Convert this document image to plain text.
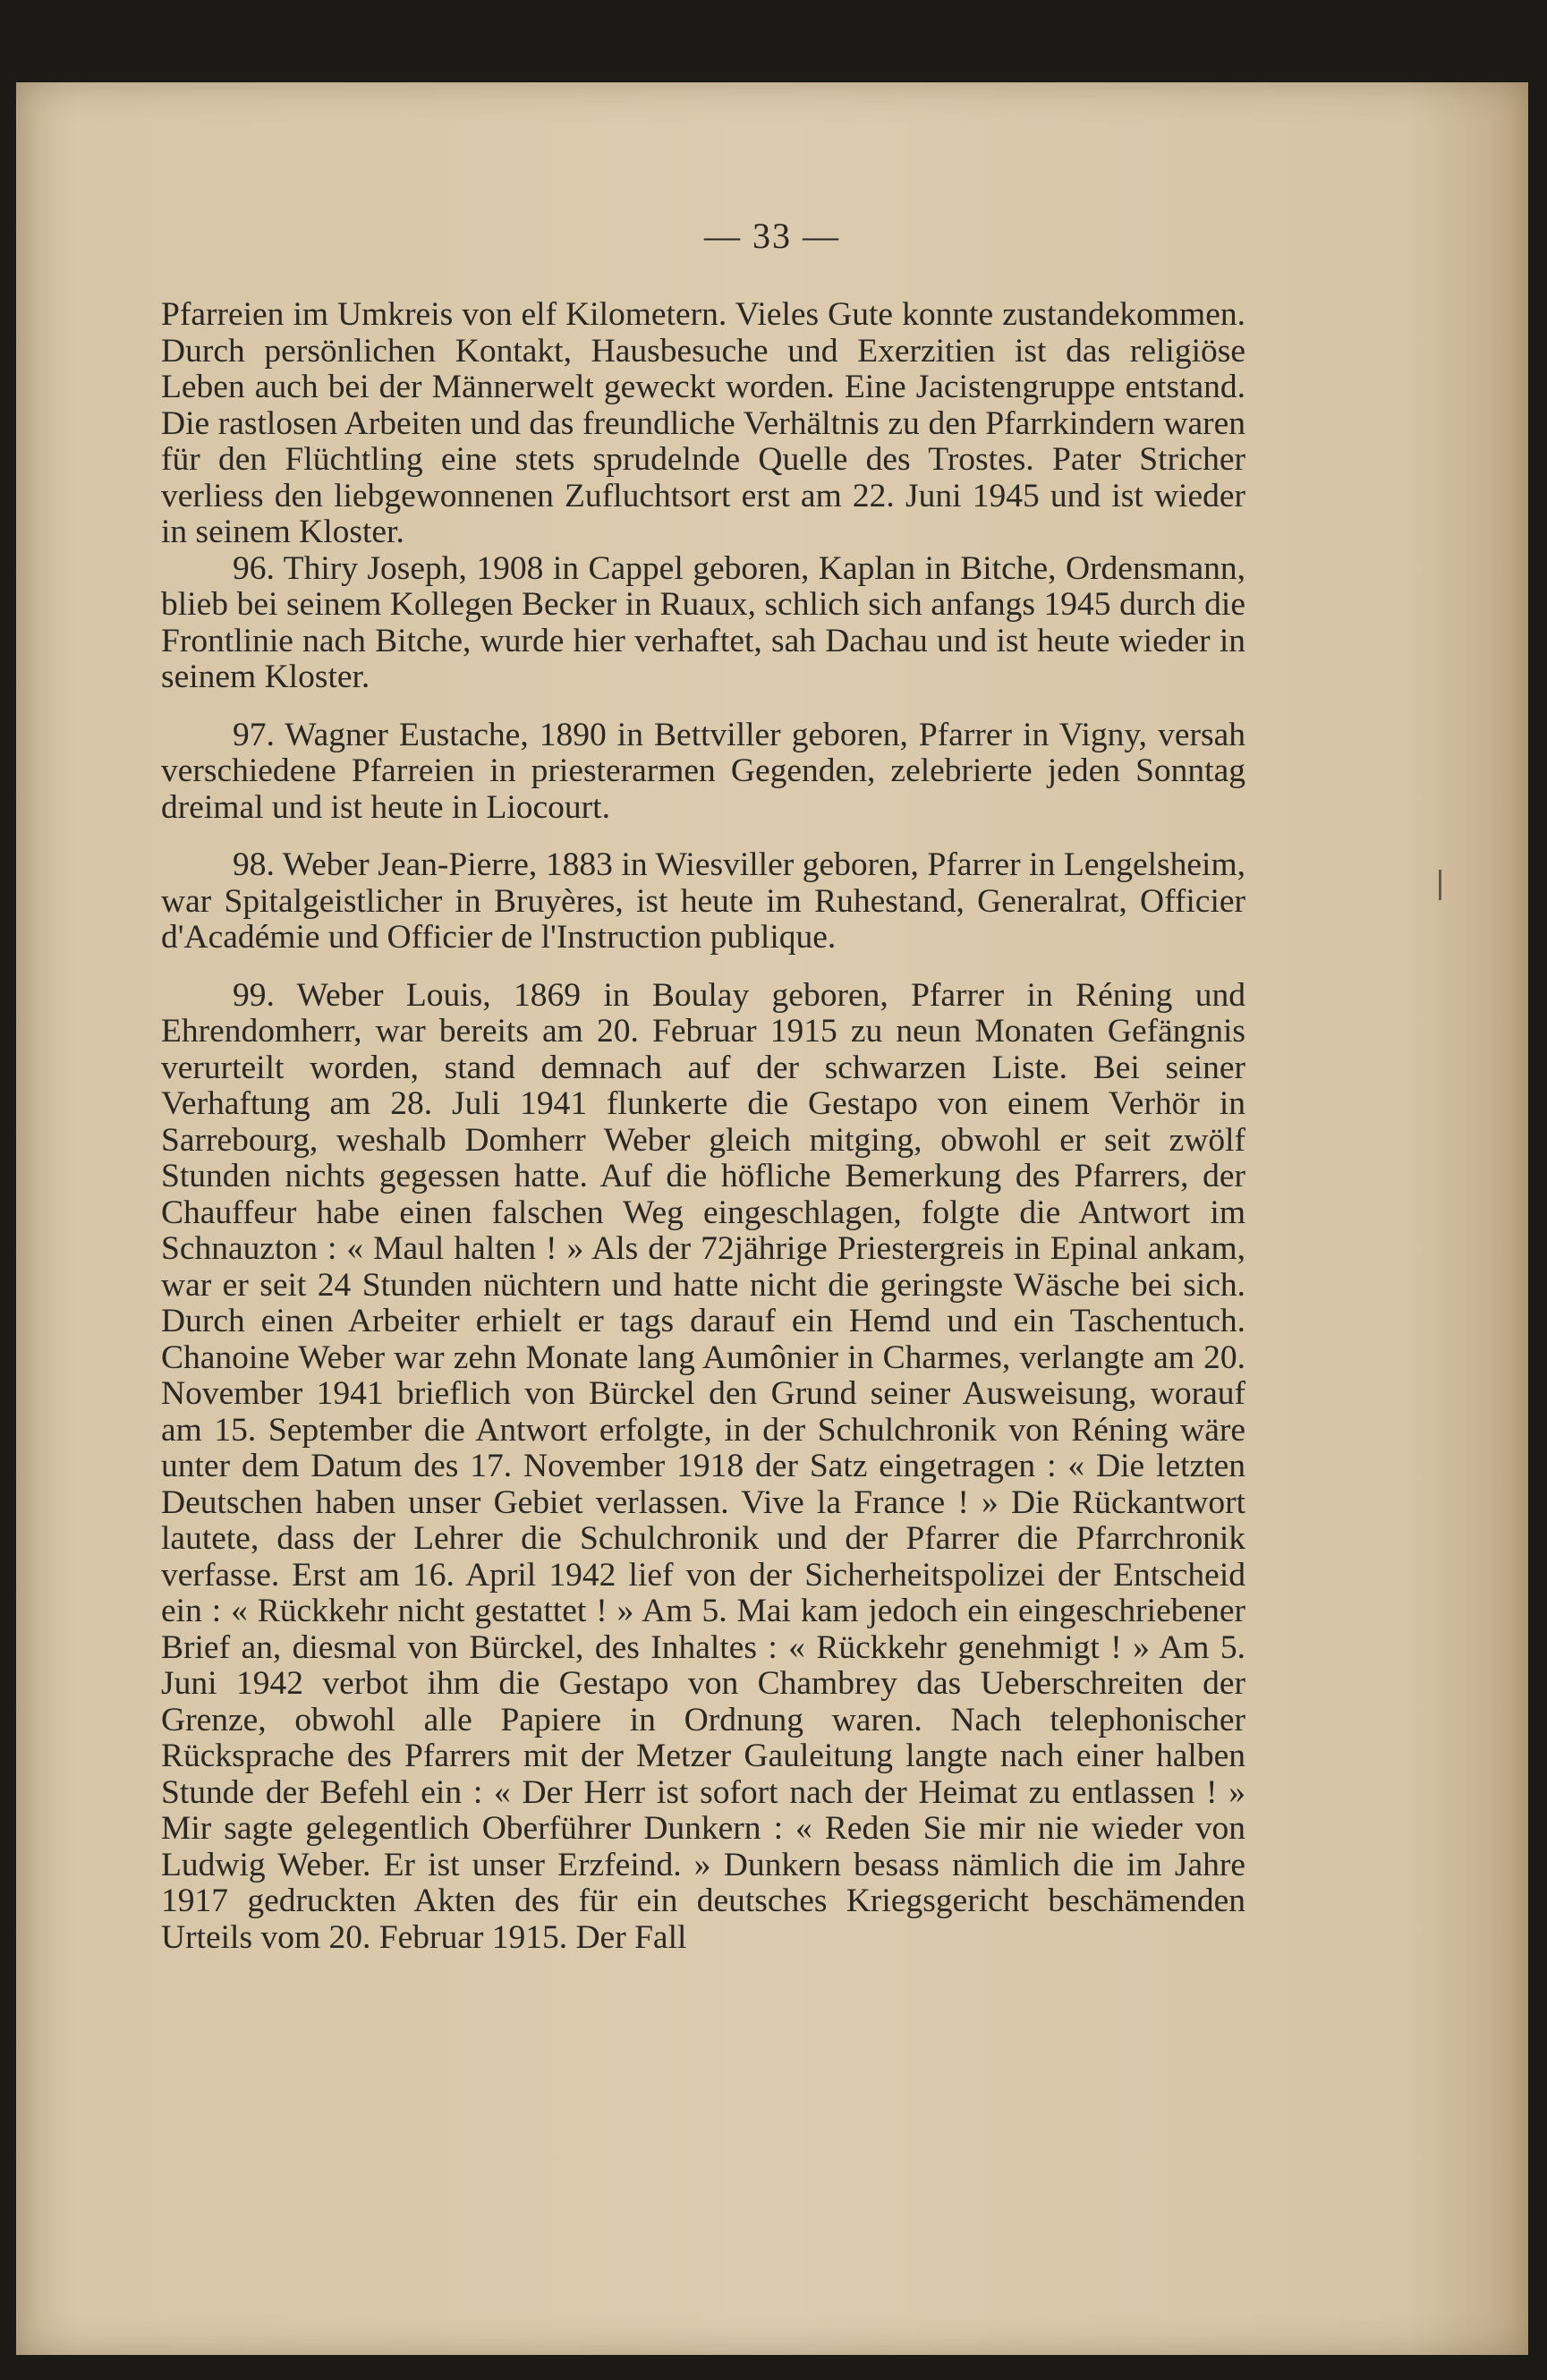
— 33 —

Pfarreien im Umkreis von elf Kilometern. Vieles Gute konnte zustandekommen. Durch persönlichen Kontakt, Hausbesuche und Exerzitien ist das religiöse Leben auch bei der Männerwelt geweckt worden. Eine Jacistengruppe entstand. Die rastlosen Arbeiten und das freundliche Verhältnis zu den Pfarrkindern waren für den Flüchtling eine stets sprudelnde Quelle des Trostes. Pater Stricher verliess den liebgewonnenen Zufluchtsort erst am 22. Juni 1945 und ist wieder in seinem Kloster.

96. Thiry Joseph, 1908 in Cappel geboren, Kaplan in Bitche, Ordensmann, blieb bei seinem Kollegen Becker in Ruaux, schlich sich anfangs 1945 durch die Frontlinie nach Bitche, wurde hier verhaftet, sah Dachau und ist heute wieder in seinem Kloster.

97. Wagner Eustache, 1890 in Bettviller geboren, Pfarrer in Vigny, versah verschiedene Pfarreien in priesterarmen Gegenden, zelebrierte jeden Sonntag dreimal und ist heute in Liocourt.

98. Weber Jean-Pierre, 1883 in Wiesviller geboren, Pfarrer in Lengelsheim, war Spitalgeistlicher in Bruyères, ist heute im Ruhestand, Generalrat, Officier d'Académie und Officier de l'Instruction publique.

99. Weber Louis, 1869 in Boulay geboren, Pfarrer in Réning und Ehrendomherr, war bereits am 20. Februar 1915 zu neun Monaten Gefängnis verurteilt worden, stand demnach auf der schwarzen Liste. Bei seiner Verhaftung am 28. Juli 1941 flunkerte die Gestapo von einem Verhör in Sarrebourg, weshalb Domherr Weber gleich mitging, obwohl er seit zwölf Stunden nichts gegessen hatte. Auf die höfliche Bemerkung des Pfarrers, der Chauffeur habe einen falschen Weg eingeschlagen, folgte die Antwort im Schnauzton : « Maul halten ! » Als der 72jährige Priestergreis in Epinal ankam, war er seit 24 Stunden nüchtern und hatte nicht die geringste Wäsche bei sich. Durch einen Arbeiter erhielt er tags darauf ein Hemd und ein Taschentuch. Chanoine Weber war zehn Monate lang Aumônier in Charmes, verlangte am 20. November 1941 brieflich von Bürckel den Grund seiner Ausweisung, worauf am 15. September die Antwort erfolgte, in der Schulchronik von Réning wäre unter dem Datum des 17. November 1918 der Satz eingetragen : « Die letzten Deutschen haben unser Gebiet verlassen. Vive la France ! » Die Rückantwort lautete, dass der Lehrer die Schulchronik und der Pfarrer die Pfarrchronik verfasse. Erst am 16. April 1942 lief von der Sicherheitspolizei der Entscheid ein : « Rückkehr nicht gestattet ! » Am 5. Mai kam jedoch ein eingeschriebener Brief an, diesmal von Bürckel, des Inhaltes : « Rückkehr genehmigt ! » Am 5. Juni 1942 verbot ihm die Gestapo von Chambrey das Ueberschreiten der Grenze, obwohl alle Papiere in Ordnung waren. Nach telephonischer Rücksprache des Pfarrers mit der Metzer Gauleitung langte nach einer halben Stunde der Befehl ein : « Der Herr ist sofort nach der Heimat zu entlassen ! » Mir sagte gelegentlich Oberführer Dunkern : « Reden Sie mir nie wieder von Ludwig Weber. Er ist unser Erzfeind. » Dunkern besass nämlich die im Jahre 1917 gedruckten Akten des für ein deutsches Kriegsgericht beschämenden Urteils vom 20. Februar 1915. Der Fall
